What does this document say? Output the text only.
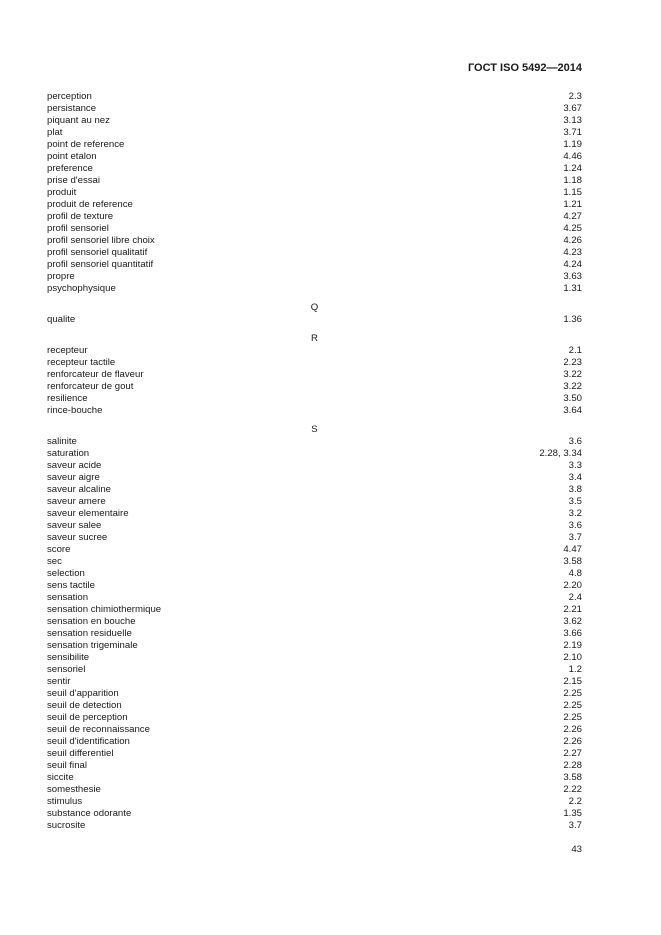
ГОСТ ISO 5492—2014
perception	2.3
persistance	3.67
piquant au nez	3.13
plat	3.71
point de reference	1.19
point etalon	4.46
preference	1.24
prise d'essai	1.18
produit	1.15
produit de reference	1.21
profil de texture	4.27
profil sensoriel	4.25
profil sensoriel libre choix	4.26
profil sensoriel qualitatif	4.23
profil sensoriel quantitatif	4.24
propre	3.63
psychophysique	1.31
Q
qualite	1.36
R
recepteur	2.1
recepteur tactile	2.23
renforcateur de flaveur	3.22
renforcateur de gout	3.22
resilience	3.50
rince-bouche	3.64
S
salinite	3.6
saturation	2.28, 3.34
saveur acide	3.3
saveur aigre	3.4
saveur alcaline	3.8
saveur amere	3.5
saveur elementaire	3.2
saveur salee	3.6
saveur sucree	3.7
score	4.47
sec	3.58
selection	4.8
sens tactile	2.20
sensation	2.4
sensation chimiothermique	2.21
sensation en bouche	3.62
sensation residuelle	3.66
sensation trigeminale	2.19
sensibilite	2.10
sensoriel	1.2
sentir	2.15
seuil d'apparition	2.25
seuil de detection	2.25
seuil de perception	2.25
seuil de reconnaissance	2.26
seuil d'identification	2.26
seuil differentiel	2.27
seuil final	2.28
siccite	3.58
somesthesie	2.22
stimulus	2.2
substance odorante	1.35
sucrosite	3.7
43
